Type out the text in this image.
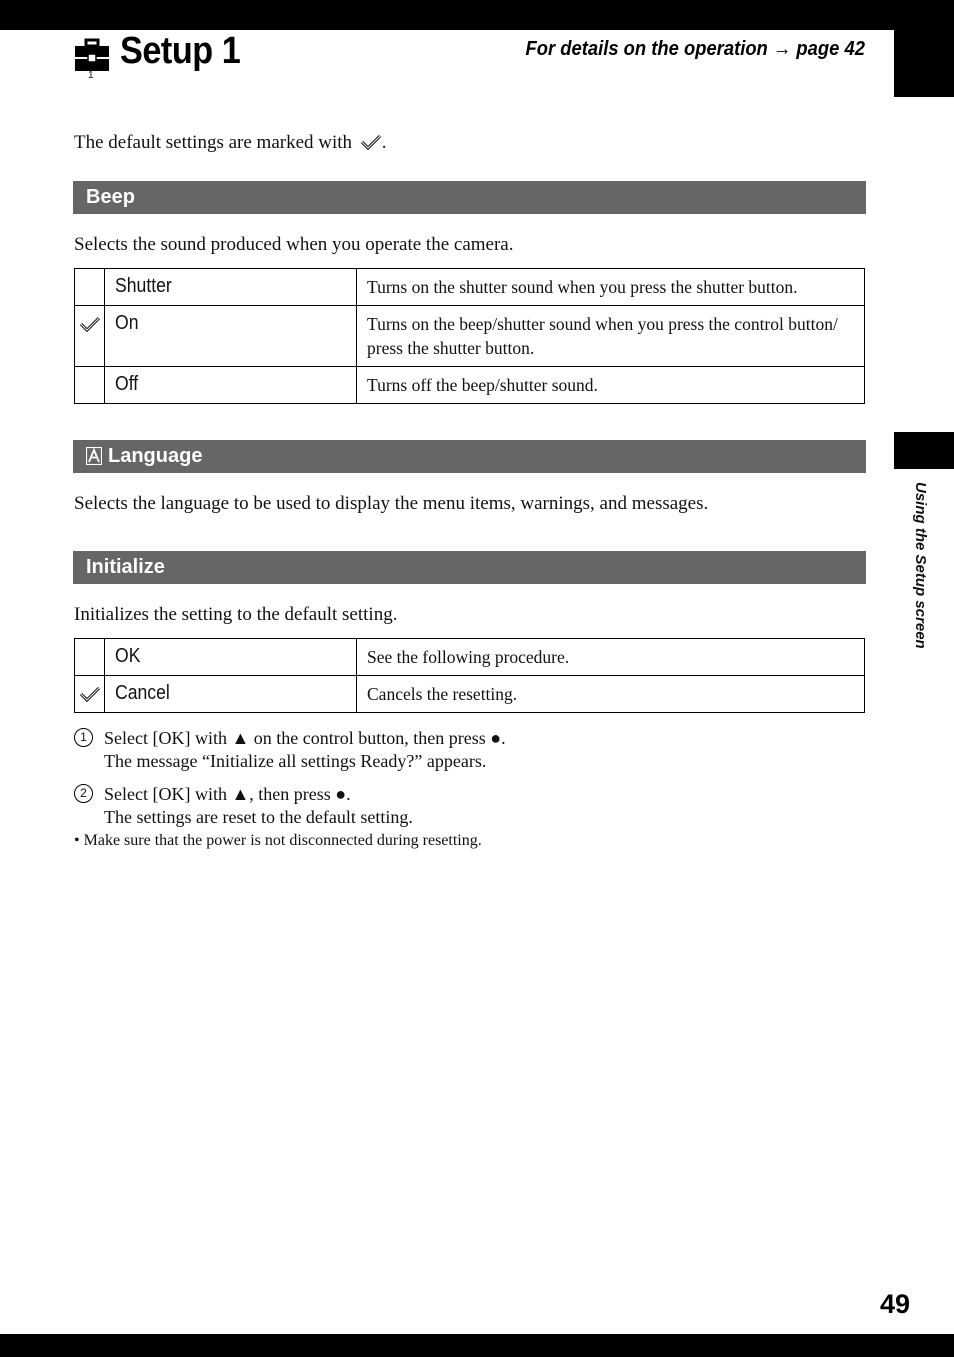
Using the Setup screen
49
1
Setup 1	For details on the operation → page 42
The default settings are marked with .
Beep
Selects the sound produced when you operate the camera.
	Shutter	Turns on the shutter sound when you press the shutter button.
	On	Turns on the beep/shutter sound when you press the control button/ press the shutter button.
	Off	Turns off the beep/shutter sound.
Language
Selects the language to be used to display the menu items, warnings, and messages.
Initialize
Initializes the setting to the default setting.
	OK	See the following procedure.
	Cancel	Cancels the resetting.
1 Select [OK] with ▲ on the control button, then press ●.
The message “Initialize all settings Ready?” appears.
2 Select [OK] with ▲, then press ●.
The settings are reset to the default setting.
• Make sure that the power is not disconnected during resetting.
